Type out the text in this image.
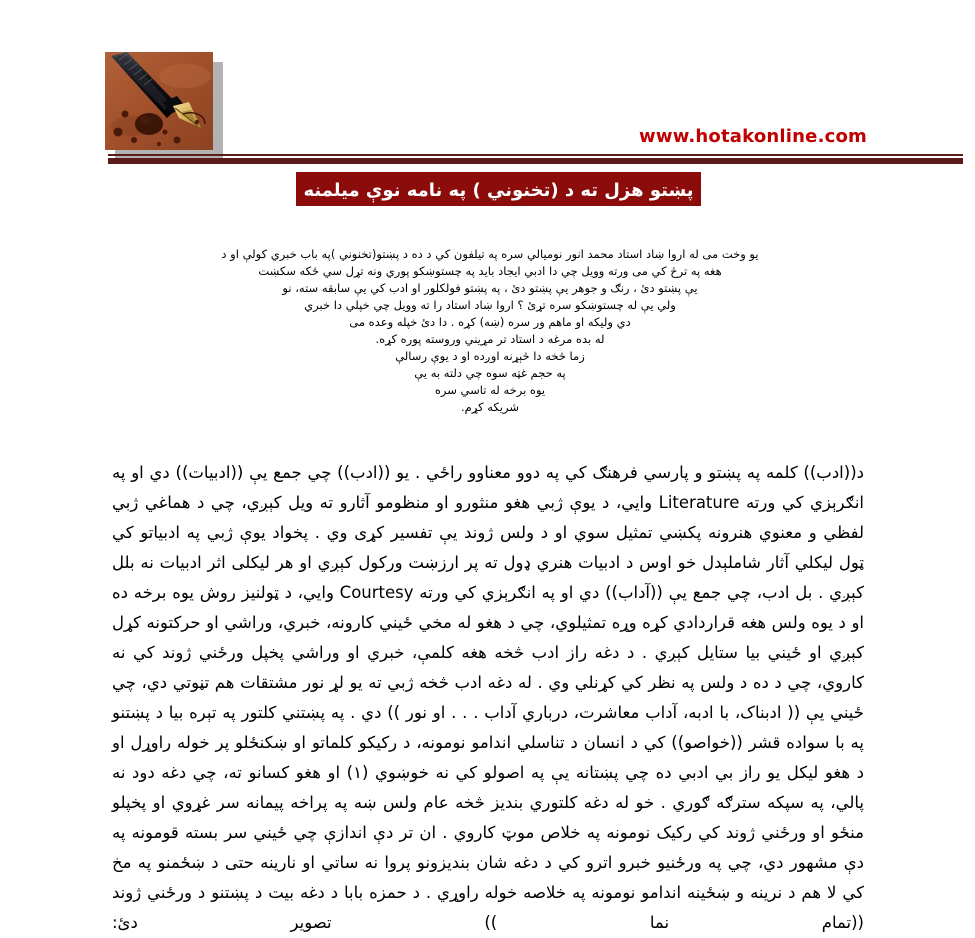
www.hotakonline.com
پښتو هزل ته د (تخنوني ) په نامه نوې میلمنه
یو وخت می له اروا ښاد استاد محمد انور نومیالي سره په تیلفون کي د ده د پښتو(تخنوني )په باب خبري کولې او د
هغه په ترڅ کي می ورته وویل چي دا ادبي ایجاد باید په چستوښکو پوري ونه تړل سي ځکه سکښت
یې پښتو دئ ، رنګ و جوهر یې پښتو دئ ، په پښتو فولکلور او ادب کي یې سابقه سته، نو
ولي یې له چستوښکو سره تړئ ؟ اروا ښاد استاد را ته وویل چي خپلي دا خبري
دي ولیکه او ماهم ور سره (ښه) کړه . دا دئ خپله وعده می
له بده مرغه د استاد تر مړیني وروسته پوره کړه.
زما څخه دا څېړنه اوږده او د یوې رسالې
په حجم غټه سوه چي دلته به یې
یوه برخه له تاسي سره
شریکه کړم.

د((ادب)) کلمه په پښتو و پارسي فرهنګ کي په دوو معناوو راځي . یو ((ادب)) چي جمع یې ((ادبیات)) دي او په انګرېزي کي ورته Literature وایي، د یوې ژبي هغو منثورو او منظومو آثارو ته ویل کېږي، چي د هماغي ژبي لفظي و معنوي هنرونه پکښي تمثیل سوي او د ولس ژوند یې تفسیر کړی وي . پخواد یوې ژبي په ادبیاتو کي ټول لیکلي آثار شاملېدل خو اوس د ادبیات هنري ډول ته پر ارزښت ورکول کېږي او هر لیکلی اثر ادبیات نه بلل کېږي . بل ادب، چي جمع یې ((آداب)) دي او په انګرېزي کي ورته Courtesy وایي، د ټولنیز روش یوه برخه ده او د یوه ولس هغه قراردادي کړه وړه تمثیلوي، چي د هغو له مخي ځیني کارونه، خبري، وراشي او حرکتونه کړل کېږي او ځیني بیا ستایل کېږي . د دغه راز ادب څخه هغه کلمې، خبري او وراشي پخپل ورځني ژوند کي نه کاروي، چي د ده د ولس په نظر کي کړنلي وي . له دغه ادب څخه ژبي ته یو لړ نور مشتقات هم تڼوتي دي، چي ځیني یې (( ادبناک، با ادبه، آداب معاشرت، درباري آداب . . . او نور )) دي . په پښتني کلتور په تېره بیا د پښتنو په با سواده قشر ((خواصو)) کي د انسان د تناسلي اندامو نومونه، د رکیکو کلماتو او ښکنځلو پر خوله راوړل او د هغو لیکل یو راز بي ادبي ده چي پښتانه یې په اصولو کي نه خوښوي (۱) او هغو کسانو ته، چي دغه دود نه پالي، په سپکه سترګه ګوري . خو له دغه کلتوري بندیز څخه عام ولس ښه په پراخه پیمانه سر غړوي او پخپلو منځو او ورځني ژوند کي رکیک نومونه په خلاص موټ کاروي . ان تر دې اندازې چي ځیني سر بسته قومونه په دې مشهور دي، چي په ورځنیو خبرو اترو کي د دغه شان بندیزونو پروا نه ساتي او نارینه حتی د ښځمنو په مخ کي لا هم د نرینه و ښځینه اندامو نومونه په خلاصه خوله راوړي . د حمزه بابا د دغه بیت د پښتنو د ورځني ژوند ((تمام نما )) تصویر دئ:
